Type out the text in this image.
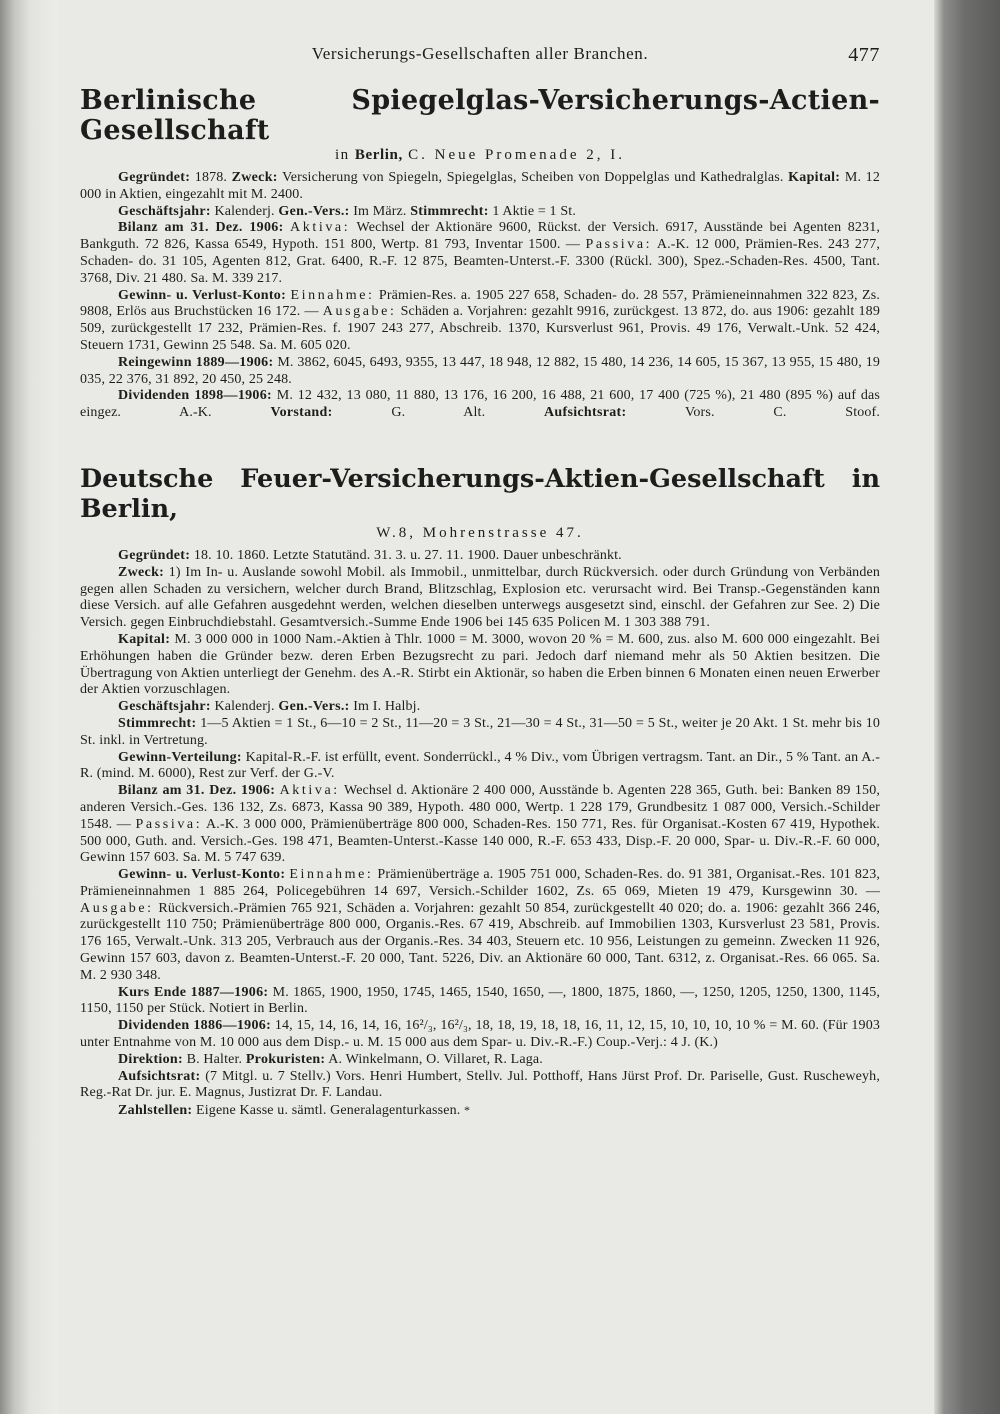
Versicherungs-Gesellschaften aller Branchen.	477
Berlinische Spiegelglas-Versicherungs-Actien-Gesellschaft
in Berlin, C. Neue Promenade 2, I.

Gegründet: 1878. Zweck: Versicherung von Spiegeln, Spiegelglas, Scheiben von Doppelglas und Kathedralglas. Kapital: M. 12 000 in Aktien, eingezahlt mit M. 2400.

Geschäftsjahr: Kalenderj. Gen.-Vers.: Im März. Stimmrecht: 1 Aktie = 1 St.

Bilanz am 31. Dez. 1906: Aktiva: Wechsel der Aktionäre 9600, Rückst. der Versich. 6917, Ausstände bei Agenten 8231, Bankguth. 72 826, Kassa 6549, Hypoth. 151 800, Wertp. 81 793, Inventar 1500. — Passiva: A.-K. 12 000, Prämien-Res. 243 277, Schaden- do. 31 105, Agenten 812, Grat. 6400, R.-F. 12 875, Beamten-Unterst.-F. 3300 (Rückl. 300), Spez.-Schaden-Res. 4500, Tant. 3768, Div. 21 480. Sa. M. 339 217.

Gewinn- u. Verlust-Konto: Einnahme: Prämien-Res. a. 1905 227 658, Schaden- do. 28 557, Prämieneinnahmen 322 823, Zs. 9808, Erlös aus Bruchstücken 16 172. — Ausgabe: Schäden a. Vorjahren: gezahlt 9916, zurückgest. 13 872, do. aus 1906: gezahlt 189 509, zurückgestellt 17 232, Prämien-Res. f. 1907 243 277, Abschreib. 1370, Kursverlust 961, Provis. 49 176, Verwalt.-Unk. 52 424, Steuern 1731, Gewinn 25 548. Sa. M. 605 020.

Reingewinn 1889—1906: M. 3862, 6045, 6493, 9355, 13 447, 18 948, 12 882, 15 480, 14 236, 14 605, 15 367, 13 955, 15 480, 19 035, 22 376, 31 892, 20 450, 25 248.

Dividenden 1898—1906: M. 12 432, 13 080, 11 880, 13 176, 16 200, 16 488, 21 600, 17 400 (725 %), 21 480 (895 %) auf das eingez. A.-K.	Vorstand:	G. Alt.	Aufsichtsrat:	Vors. C. Stoof.

Deutsche Feuer-Versicherungs-Aktien-Gesellschaft in Berlin,
W.8, Mohrenstrasse 47.

Gegründet: 18. 10. 1860. Letzte Statutänd. 31. 3. u. 27. 11. 1900. Dauer unbeschränkt.

Zweck: 1) Im In- u. Auslande sowohl Mobil. als Immobil., unmittelbar, durch Rückversich. oder durch Gründung von Verbänden gegen allen Schaden zu versichern, welcher durch Brand, Blitzschlag, Explosion etc. verursacht wird. Bei Transp.-Gegenständen kann diese Versich. auf alle Gefahren ausgedehnt werden, welchen dieselben unterwegs ausgesetzt sind, einschl. der Gefahren zur See. 2) Die Versich. gegen Einbruchdiebstahl. Gesamtversich.-Summe Ende 1906 bei 145 635 Policen M. 1 303 388 791.

Kapital: M. 3 000 000 in 1000 Nam.-Aktien à Thlr. 1000 = M. 3000, wovon 20 % = M. 600, zus. also M. 600 000 eingezahlt. Bei Erhöhungen haben die Gründer bezw. deren Erben Bezugsrecht zu pari. Jedoch darf niemand mehr als 50 Aktien besitzen. Die Übertragung von Aktien unterliegt der Genehm. des A.-R. Stirbt ein Aktionär, so haben die Erben binnen 6 Monaten einen neuen Erwerber der Aktien vorzuschlagen.

Geschäftsjahr: Kalenderj. Gen.-Vers.: Im I. Halbj.

Stimmrecht: 1—5 Aktien = 1 St., 6—10 = 2 St., 11—20 = 3 St., 21—30 = 4 St., 31—50 = 5 St., weiter je 20 Akt. 1 St. mehr bis 10 St. inkl. in Vertretung.

Gewinn-Verteilung: Kapital-R.-F. ist erfüllt, event. Sonderrückl., 4 % Div., vom Übrigen vertragsm. Tant. an Dir., 5 % Tant. an A.-R. (mind. M. 6000), Rest zur Verf. der G.-V.

Bilanz am 31. Dez. 1906: Aktiva: Wechsel d. Aktionäre 2 400 000, Ausstände b. Agenten 228 365, Guth. bei: Banken 89 150, anderen Versich.-Ges. 136 132, Zs. 6873, Kassa 90 389, Hypoth. 480 000, Wertp. 1 228 179, Grundbesitz 1 087 000, Versich.-Schilder 1548. — Passiva: A.-K. 3 000 000, Prämienüberträge 800 000, Schaden-Res. 150 771, Res. für Organisat.-Kosten 67 419, Hypothek. 500 000, Guth. and. Versich.-Ges. 198 471, Beamten-Unterst.-Kasse 140 000, R.-F. 653 433, Disp.-F. 20 000, Spar- u. Div.-R.-F. 60 000, Gewinn 157 603. Sa. M. 5 747 639.

Gewinn- u. Verlust-Konto: Einnahme: Prämienüberträge a. 1905 751 000, Schaden-Res. do. 91 381, Organisat.-Res. 101 823, Prämieneinnahmen 1 885 264, Policegebühren 14 697, Versich.-Schilder 1602, Zs. 65 069, Mieten 19 479, Kursgewinn 30. — Ausgabe: Rückversich.-Prämien 765 921, Schäden a. Vorjahren: gezahlt 50 854, zurückgestellt 40 020; do. a. 1906: gezahlt 366 246, zurückgestellt 110 750; Prämienüberträge 800 000, Organis.-Res. 67 419, Abschreib. auf Immobilien 1303, Kursverlust 23 581, Provis. 176 165, Verwalt.-Unk. 313 205, Verbrauch aus der Organis.-Res. 34 403, Steuern etc. 10 956, Leistungen zu gemeinn. Zwecken 11 926, Gewinn 157 603, davon z. Beamten-Unterst.-F. 20 000, Tant. 5226, Div. an Aktionäre 60 000, Tant. 6312, z. Organisat.-Res. 66 065. Sa. M. 2 930 348.

Kurs Ende 1887—1906: M. 1865, 1900, 1950, 1745, 1465, 1540, 1650, —, 1800, 1875, 1860, —, 1250, 1205, 1250, 1300, 1145, 1150, 1150 per Stück. Notiert in Berlin.

Dividenden 1886—1906: 14, 15, 14, 16, 14, 16, 16²/₃, 16²/₃, 18, 18, 19, 18, 18, 16, 11, 12, 15, 10, 10, 10, 10 % = M. 60. (Für 1903 unter Entnahme von M. 10 000 aus dem Disp.- u. M. 15 000 aus dem Spar- u. Div.-R.-F.) Coup.-Verj.: 4 J. (K.)

Direktion: B. Halter. Prokuristen: A. Winkelmann, O. Villaret, R. Laga.

Aufsichtsrat: (7 Mitgl. u. 7 Stellv.) Vors. Henri Humbert, Stellv. Jul. Potthoff, Hans Jürst Prof. Dr. Pariselle, Gust. Ruscheweyh, Reg.-Rat Dr. jur. E. Magnus, Justizrat Dr. F. Landau.

Zahlstellen: Eigene Kasse u. sämtl. Generalagenturkassen. *
